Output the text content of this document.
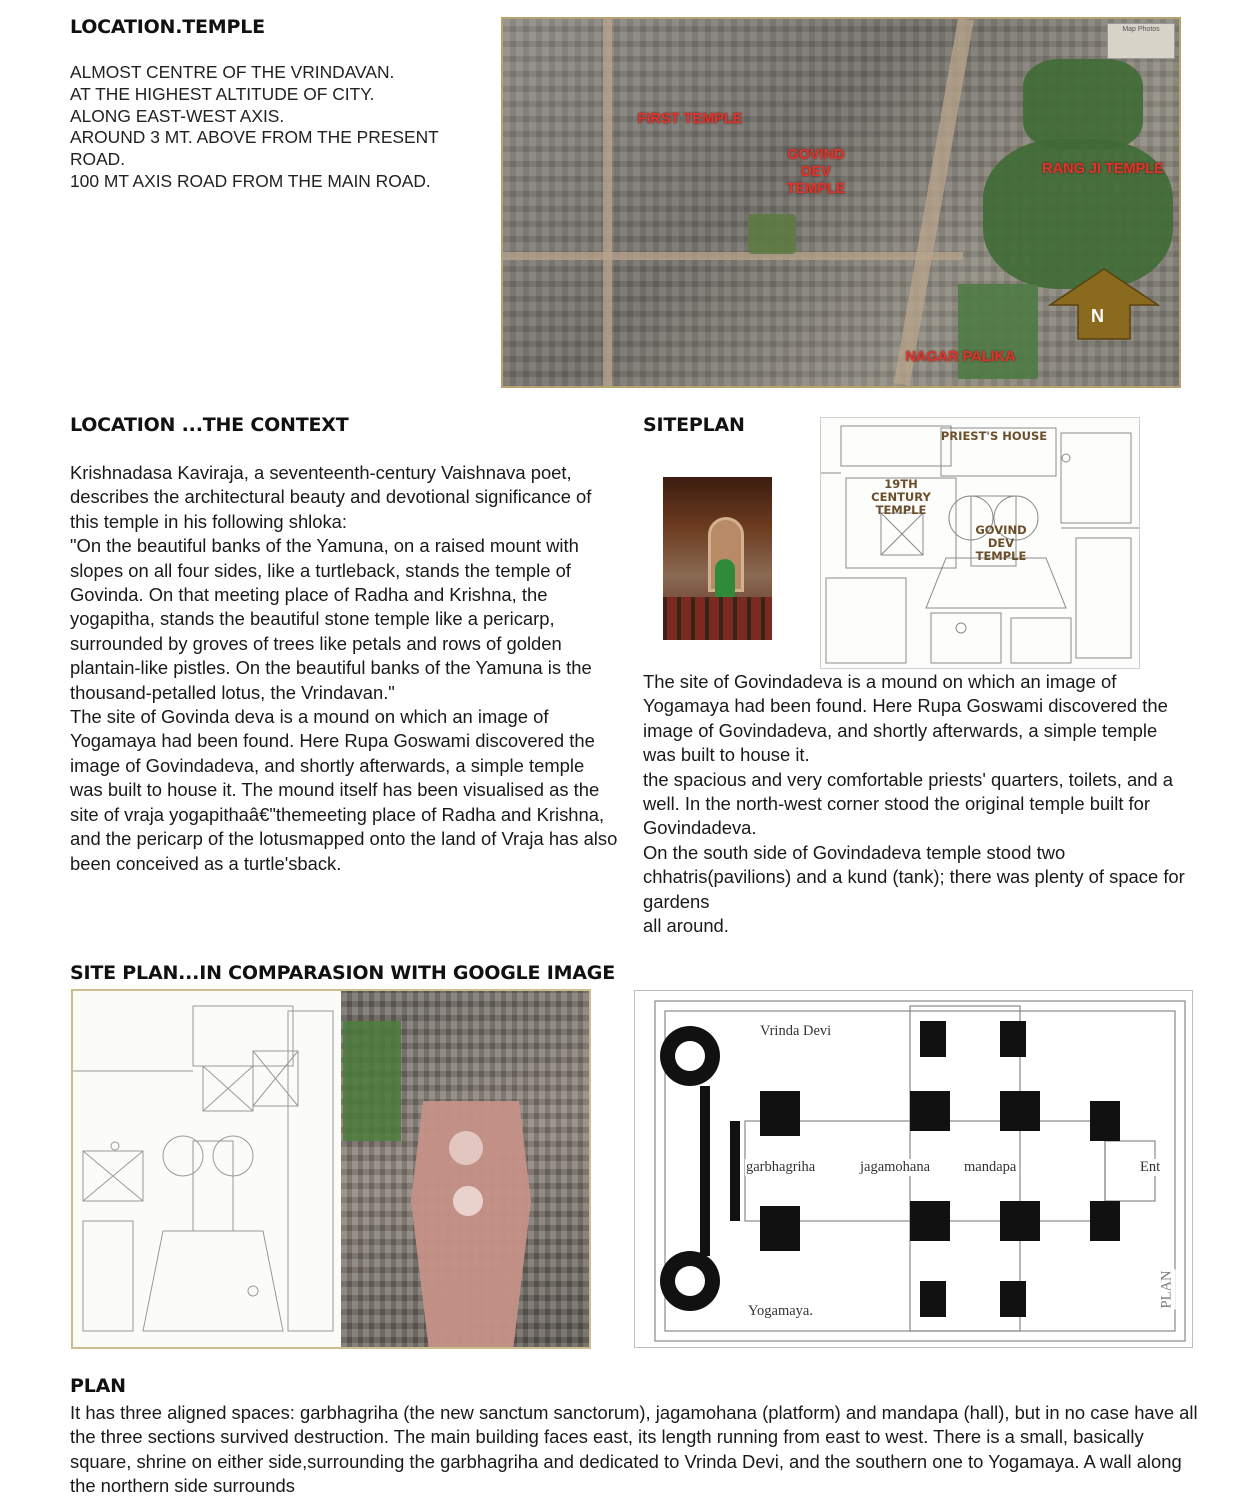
LOCATION.TEMPLE
ALMOST CENTRE OF THE VRINDAVAN.
AT THE HIGHEST ALTITUDE OF CITY.
ALONG EAST-WEST AXIS.
AROUND 3 MT. ABOVE FROM THE PRESENT
ROAD.
100 MT AXIS ROAD FROM THE MAIN ROAD.
FIRST TEMPLE
GOVIND DEV TEMPLE
RANG JI TEMPLE
NAGAR PALIKA
Map Photos
N
LOCATION ...THE CONTEXT

Krishnadasa Kaviraja, a seventeenth-century Vaishnava poet, describes the architectural beauty and devotional significance of this temple in his following shloka:

"On the beautiful banks of the Yamuna, on a raised mount with slopes on all four sides, like a turtleback, stands the temple of Govinda. On that meeting place of Radha and Krishna, the yogapitha, stands the beautiful stone temple like a pericarp, surrounded by groves of trees like petals and rows of golden plantain-like pistles. On the beautiful banks of the Yamuna is the thousand-petalled lotus, the Vrindavan."

The site of Govinda deva is a mound on which an image of Yogamaya had been found. Here Rupa Goswami discovered the image of Govindadeva, and shortly afterwards, a simple temple was built to house it. The mound itself has been visualised as the site of vraja yogapithaâ€"themeeting place of Radha and Krishna, and the pericarp of the lotusmapped onto the land of Vraja has also been conceived as a turtle'sback.

SITEPLAN	PRIEST'S HOUSE
19TH CENTURY TEMPLE
GOVIND DEV TEMPLE

The site of Govindadeva is a mound on which an image of Yogamaya had been found. Here Rupa Goswami discovered the image of Govindadeva, and shortly afterwards, a simple temple was built to house it.

the spacious and very comfortable priests' quarters, toilets, and a well. In the north-west corner stood the original temple built for Govindadeva.

On the south side of Govindadeva temple stood two chhatris(pavilions) and a kund (tank); there was plenty of space for gardens

all around.

SITE PLAN...IN COMPARASION WITH GOOGLE IMAGE
Vrinda Devi
garbhagriha	jagamohana mandapa	Ent
Yogamaya.
PLAN
PLAN
It has three aligned spaces: garbhagriha (the new sanctum sanctorum), jagamohana (platform) and mandapa (hall), but in no case have all the three sections survived destruction. The main building faces east, its length running from east to west. There is a small, basically square, shrine on either side,surrounding the garbhagriha and dedicated to Vrinda Devi, and the southern one to Yogamaya. A wall along the northern side surrounds
